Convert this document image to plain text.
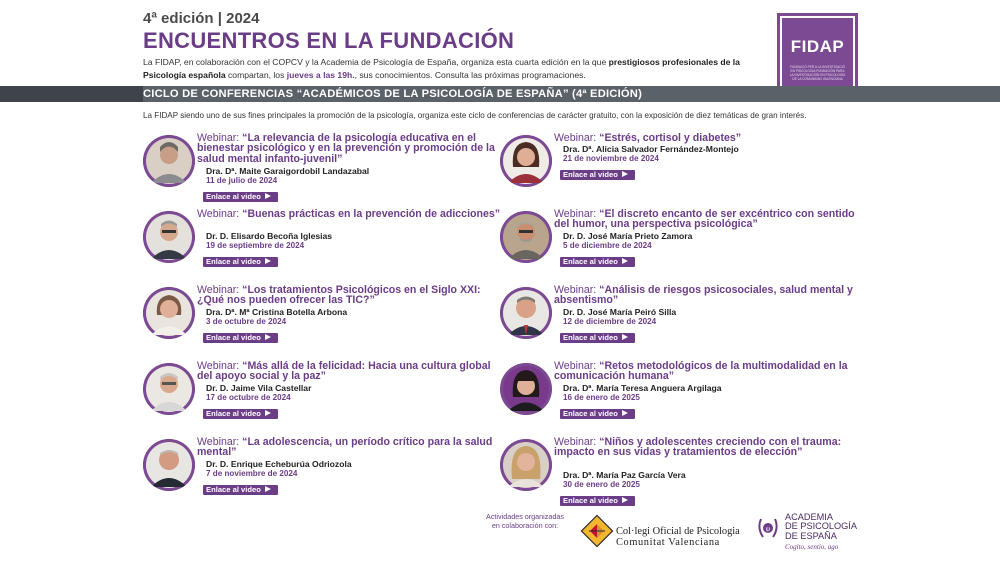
4ª edición | 2024
ENCUENTROS EN LA FUNDACIÓN
La FIDAP, en colaboración con el COPCV y la Academia de Psicología de España, organiza esta cuarta edición en la que prestigiosos profesionales de la Psicología española compartan, los jueves a las 19h., sus conocimientos. Consulta las próximas programaciones.
FIDAP
FUNDACIÓ PER A LA INVESTIGACIÓ EN PSICOLOGIA FUNDACIÓN PARA LA INVESTIGACIÓN EN PSICOLOGÍA DE LA COMUNIDAD VALENCIANA
CICLO DE CONFERENCIAS “ACADÉMICOS DE LA PSICOLOGÍA DE ESPAÑA” (4ª EDICIÓN)
La FIDAP siendo uno de sus fines principales la promoción de la psicología, organiza este ciclo de conferencias de carácter gratuito, con la exposición de diez temáticas de gran interés.
Webinar: “La relevancia de la psicología educativa en el bienestar psicológico y en la prevención y promoción de la salud mental infanto-juvenil”
Dra. Dª. Maite Garaigordobil Landazabal
11 de julio de 2024
Enlace al video
Webinar: “Buenas prácticas en la prevención de adicciones”
Dr. D. Elisardo Becoña Iglesias
19 de septiembre de 2024
Enlace al video
Webinar: “Los tratamientos Psicológicos en el Siglo XXI: ¿Qué nos pueden ofrecer las TIC?”
Dra. Dª. Mª Cristina Botella Arbona
3 de octubre de 2024
Enlace al video
Webinar: “Más allá de la felicidad: Hacia una cultura global del apoyo social y la paz”
Dr. D. Jaime Vila Castellar
17 de octubre de 2024
Enlace al video
Webinar: “La adolescencia, un período crítico para la salud mental”
Dr. D. Enrique Echeburúa Odriozola
7 de noviembre de 2024
Enlace al video
Webinar: “Estrés, cortisol y diabetes”
Dra. Dª. Alicia Salvador Fernández-Montejo
21 de noviembre de 2024
Enlace al video
Webinar: “El discreto encanto de ser excéntrico con sentido del humor, una perspectiva psicológica”
Dr. D. José María Prieto Zamora
5 de diciembre de 2024
Enlace al video
Webinar: “Análisis de riesgos psicosociales, salud mental y absentismo”
Dr. D. José María Peiró Silla
12 de diciembre de 2024
Enlace al video
Webinar: “Retos metodológicos de la multimodalidad en la comunicación humana”
Dra. Dª. María Teresa Anguera Argilaga
16 de enero de 2025
Enlace al video
Webinar: “Niños y adolescentes creciendo con el trauma: impacto en sus vidas y tratamientos de elección”
Dra. Dª. María Paz García Vera
30 de enero de 2025
Enlace al video
Actividades organizadas
en colaboración con:
Col·legi Oficial de Psicologia
Comunitat Valenciana
ψ
ACADEMIA
DE PSICOLOGÍA
DE ESPAÑA
Cogito, sentio, ago
